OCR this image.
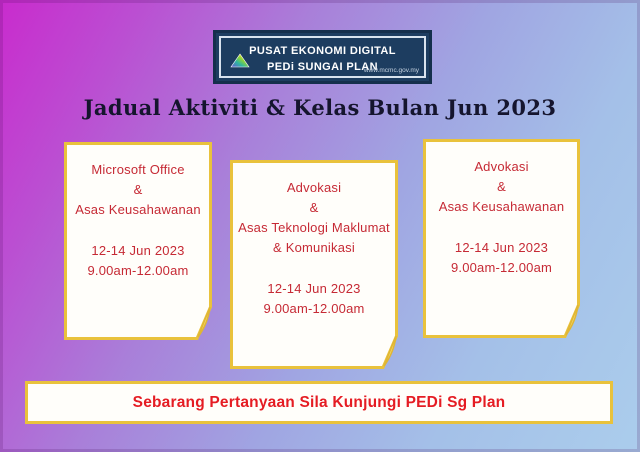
PUSAT EKONOMI DIGITAL
PEDi SUNGAI PLAN
www.mcmc.gov.my
Jadual Aktiviti & Kelas Bulan Jun 2023
Microsoft Office
&
Asas Keusahawanan
12-14 Jun 2023
9.00am-12.00am
Advokasi
&
Asas Teknologi Maklumat
& Komunikasi
12-14 Jun 2023
9.00am-12.00am
Advokasi
&
Asas Keusahawanan
12-14 Jun 2023
9.00am-12.00am
Sebarang Pertanyaan Sila Kunjungi PEDi Sg Plan
